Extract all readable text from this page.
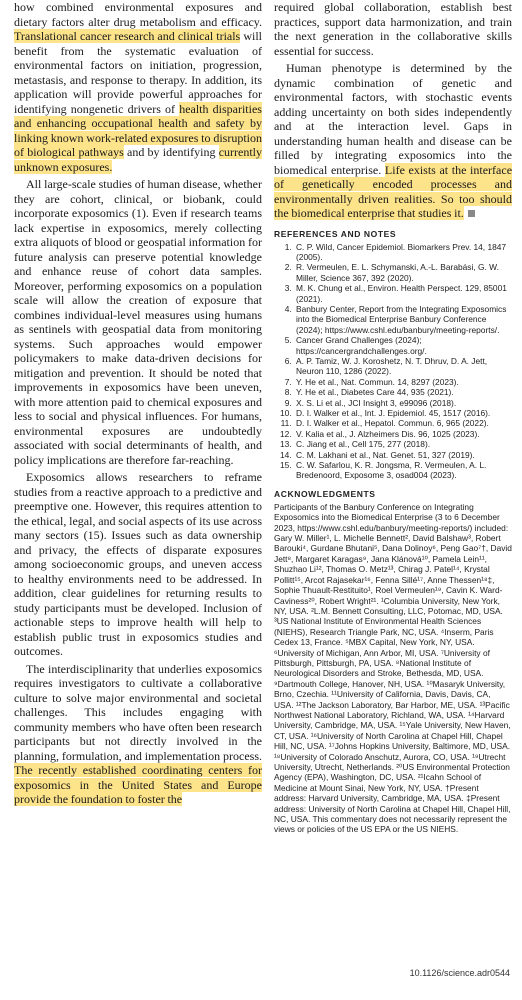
how combined environmental exposures and dietary factors alter drug metabolism and efficacy. Translational cancer research and clinical trials will benefit from the systematic evaluation of environmental factors on initiation, progression, metastasis, and response to therapy. In addition, its application will provide powerful approaches for identifying nongenetic drivers of health disparities and enhancing occupational health and safety by linking known work-related exposures to disruption of biological pathways and by identifying currently unknown exposures.

All large-scale studies of human disease, whether they are cohort, clinical, or biobank, could incorporate exposomics (1). Even if research teams lack expertise in exposomics, merely collecting extra aliquots of blood or geospatial information for future analysis can preserve potential knowledge and enhance reuse of cohort data samples. Moreover, performing exposomics on a population scale will allow the creation of exposure that combines individual-level measures using humans as sentinels with geospatial data from monitoring systems. Such approaches would empower policymakers to make data-driven decisions for mitigation and prevention. It should be noted that improvements in exposomics have been uneven, with more attention paid to chemical exposures and less to social and physical influences. For humans, environmental exposures are undoubtedly associated with social determinants of health, and policy implications are therefore far-reaching.

Exposomics allows researchers to reframe studies from a reactive approach to a predictive and preemptive one. However, this requires attention to the ethical, legal, and social aspects of its use across many sectors (15). Issues such as data ownership and privacy, the effects of disparate exposures among socioeconomic groups, and uneven access to healthy environments need to be addressed. In addition, clear guidelines for returning results to study participants must be developed. Inclusion of actionable steps to improve health will help to establish public trust in exposomics studies and outcomes.

The interdisciplinarity that underlies exposomics requires investigators to cultivate a collaborative culture to solve major environmental and societal challenges. This includes engaging with community members who have often been research participants but not directly involved in the planning, formulation, and implementation process. The recently established coordinating centers for exposomics in the United States and Europe provide the foundation to foster the

required global collaboration, establish best practices, support data harmonization, and train the next generation in the collaborative skills essential for success.

Human phenotype is determined by the dynamic combination of genetic and environmental factors, with stochastic events adding uncertainty on both sides independently and at the interaction level. Gaps in understanding human health and disease can be filled by integrating exposomics into the biomedical enterprise. Life exists at the interface of genetically encoded processes and environmentally driven realities. So too should the biomedical enterprise that studies it.

REFERENCES AND NOTES
1. C. P. Wild, Cancer Epidemiol. Biomarkers Prev. 14, 1847 (2005).
2. R. Vermeulen, E. L. Schymanski, A.-L. Barabási, G. W. Miller, Science 367, 392 (2020).
3. M. K. Chung et al., Environ. Health Perspect. 129, 85001 (2021).
4. Banbury Center, Report from the Integrating Exposomics into the Biomedical Enterprise Banbury Conference (2024); https://www.cshl.edu/banbury/meeting-reports/.
5. Cancer Grand Challenges (2024); https://cancergrandchallenges.org/.
6. A. P. Tamiz, W. J. Koroshetz, N. T. Dhruv, D. A. Jett, Neuron 110, 1286 (2022).
7. Y. He et al., Nat. Commun. 14, 8297 (2023).
8. Y. He et al., Diabetes Care 44, 935 (2021).
9. X. S. Li et al., JCI Insight 3, e99096 (2018).
10. D. I. Walker et al., Int. J. Epidemiol. 45, 1517 (2016).
11. D. I. Walker et al., Hepatol. Commun. 6, 965 (2022).
12. V. Kalia et al., J. Alzheimers Dis. 96, 1025 (2023).
13. C. Jiang et al., Cell 175, 277 (2018).
14. C. M. Lakhani et al., Nat. Genet. 51, 327 (2019).
15. C. W. Safarlou, K. R. Jongsma, R. Vermeulen, A. L. Bredenoord, Exposome 3, osad004 (2023).
ACKNOWLEDGMENTS

Participants of the Banbury Conference on Integrating Exposomics into the Biomedical Enterprise (3 to 6 December 2023, https://www.cshl.edu/banbury/meeting-reports/) included: Gary W. Miller¹, L. Michelle Bennett², David Balshaw³, Robert Barouki⁴, Gurdane Bhutani⁵, Dana Dolinoy⁶, Peng Gao⁷†, David Jett⁸, Margaret Karagas⁹, Jana Klánová¹⁰, Pamela Lein¹¹, Shuzhao Li¹², Thomas O. Metz¹³, Chirag J. Patel¹⁴, Krystal Pollitt¹⁵, Arcot Rajasekar¹⁶, Fenna Sillé¹⁷, Anne Thessen¹⁸‡, Sophie Thuault-Restituito¹, Roel Vermeulen¹⁹, Cavin K. Ward-Caviness²⁰, Robert Wright²¹. ¹Columbia University, New York, NY, USA. ²L.M. Bennett Consulting, LLC, Potomac, MD, USA. ³US National Institute of Environmental Health Sciences (NIEHS), Research Triangle Park, NC, USA. ⁴Inserm, Paris Cedex 13, France. ⁵MBX Capital, New York, NY, USA. ⁶University of Michigan, Ann Arbor, MI, USA. ⁷University of Pittsburgh, Pittsburgh, PA, USA. ⁸National Institute of Neurological Disorders and Stroke, Bethesda, MD, USA. ⁹Dartmouth College, Hanover, NH, USA. ¹⁰Masaryk University, Brno, Czechia. ¹¹University of California, Davis, Davis, CA, USA. ¹²The Jackson Laboratory, Bar Harbor, ME, USA. ¹³Pacific Northwest National Laboratory, Richland, WA, USA. ¹⁴Harvard University, Cambridge, MA, USA. ¹⁵Yale University, New Haven, CT, USA. ¹⁶University of North Carolina at Chapel Hill, Chapel Hill, NC, USA. ¹⁷Johns Hopkins University, Baltimore, MD, USA. ¹⁸University of Colorado Anschutz, Aurora, CO, USA. ¹⁹Utrecht University, Utrecht, Netherlands. ²⁰US Environmental Protection Agency (EPA), Washington, DC, USA. ²¹Icahn School of Medicine at Mount Sinai, New York, NY, USA. †Present address: Harvard University, Cambridge, MA, USA. ‡Present address: University of North Carolina at Chapel Hill, Chapel Hill, NC, USA. This commentary does not necessarily represent the views or policies of the US EPA or the US NIEHS.

10.1126/science.adr0544
